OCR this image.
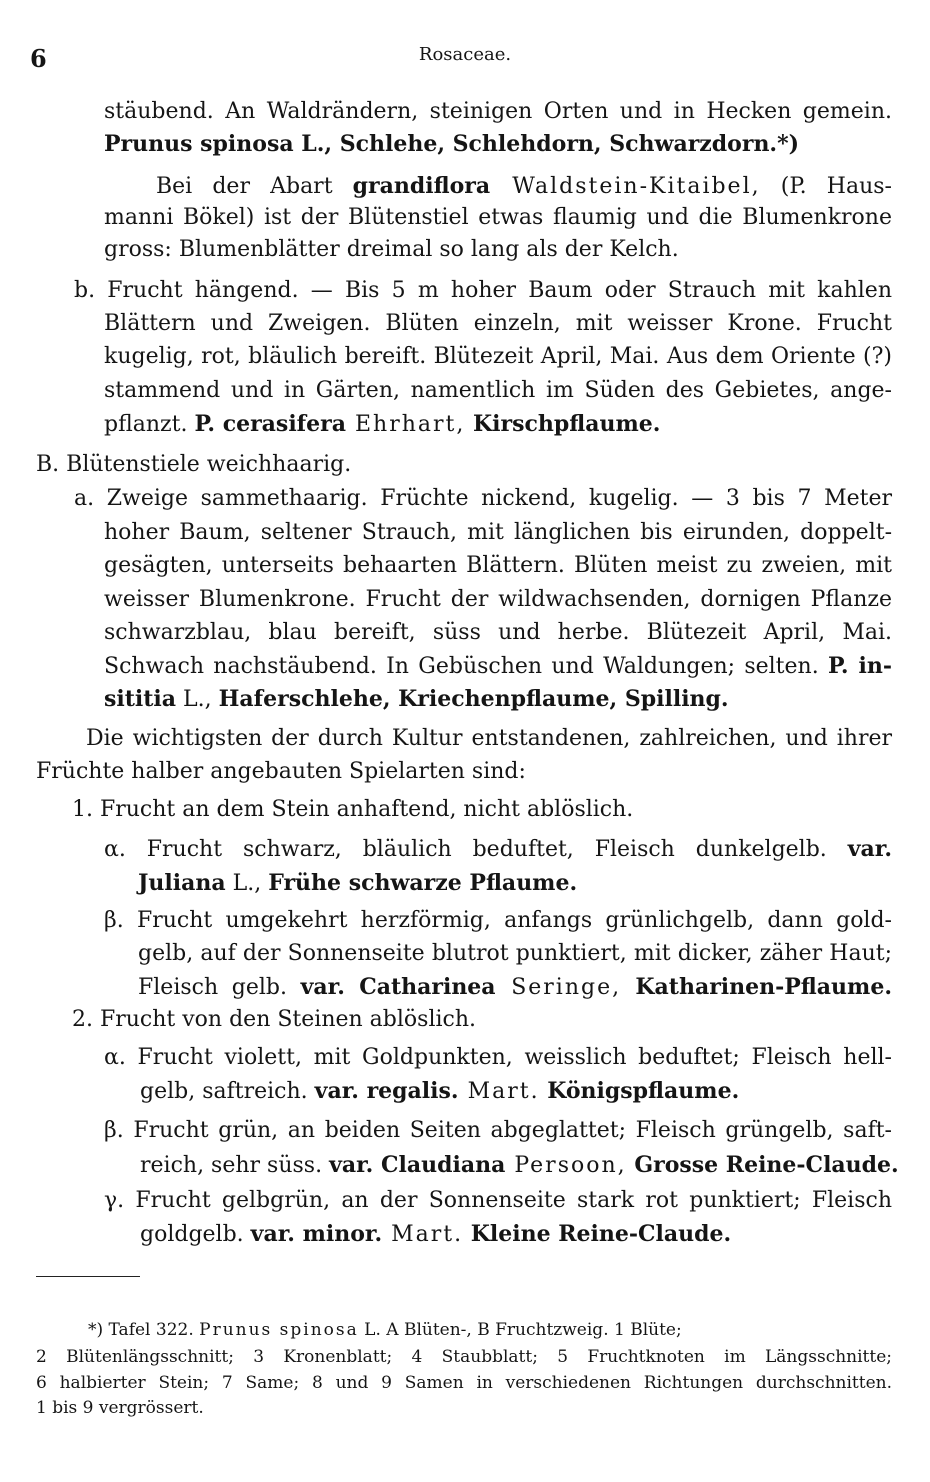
6	Rosaceae.
stäubend. An Waldrändern, steinigen Orten und in Hecken gemein.
Prunus spinosa L., Schlehe, Schlehdorn, Schwarzdorn.*)
Bei der Abart grandiflora Waldstein-Kitaibel, (P. Haus-
manni Bökel) ist der Blütenstiel etwas flaumig und die Blumenkrone
gross: Blumenblätter dreimal so lang als der Kelch.
b. Frucht hängend. — Bis 5 m hoher Baum oder Strauch mit kahlen
Blättern und Zweigen. Blüten einzeln, mit weisser Krone. Frucht
kugelig, rot, bläulich bereift. Blütezeit April, Mai. Aus dem Oriente (?)
stammend und in Gärten, namentlich im Süden des Gebietes, ange-
pflanzt. P. cerasifera Ehrhart, Kirschpflaume.
B. Blütenstiele weichhaarig.
a. Zweige sammethaarig. Früchte nickend, kugelig. — 3 bis 7 Meter
hoher Baum, seltener Strauch, mit länglichen bis eirunden, doppelt-
gesägten, unterseits behaarten Blättern. Blüten meist zu zweien, mit
weisser Blumenkrone. Frucht der wildwachsenden, dornigen Pflanze
schwarzblau, blau bereift, süss und herbe. Blütezeit April, Mai.
Schwach nachstäubend. In Gebüschen und Waldungen; selten. P. in-
sititia L., Haferschlehe, Kriechenpflaume, Spilling.
Die wichtigsten der durch Kultur entstandenen, zahlreichen, und ihrer
Früchte halber angebauten Spielarten sind:
1. Frucht an dem Stein anhaftend, nicht ablöslich.
α. Frucht schwarz, bläulich beduftet, Fleisch dunkelgelb. var.
Juliana L., Frühe schwarze Pflaume.
β. Frucht umgekehrt herzförmig, anfangs grünlichgelb, dann gold-
gelb, auf der Sonnenseite blutrot punktiert, mit dicker, zäher Haut;
Fleisch gelb. var. Catharinea Seringe, Katharinen-Pflaume.
2. Frucht von den Steinen ablöslich.
α. Frucht violett, mit Goldpunkten, weisslich beduftet; Fleisch hell-
gelb, saftreich. var. regalis. Mart. Königspflaume.
β. Frucht grün, an beiden Seiten abgeglattet; Fleisch grüngelb, saft-
reich, sehr süss. var. Claudiana Persoon, Grosse Reine-Claude.
γ. Frucht gelbgrün, an der Sonnenseite stark rot punktiert; Fleisch
goldgelb. var. minor. Mart. Kleine Reine-Claude.
*) Tafel 322. Prunus spinosa L. A Blüten-, B Fruchtzweig. 1 Blüte;
2 Blütenlängsschnitt; 3 Kronenblatt; 4 Staubblatt; 5 Fruchtknoten im Längsschnitte;
6 halbierter Stein; 7 Same; 8 und 9 Samen in verschiedenen Richtungen durchschnitten.
1 bis 9 vergrössert.
